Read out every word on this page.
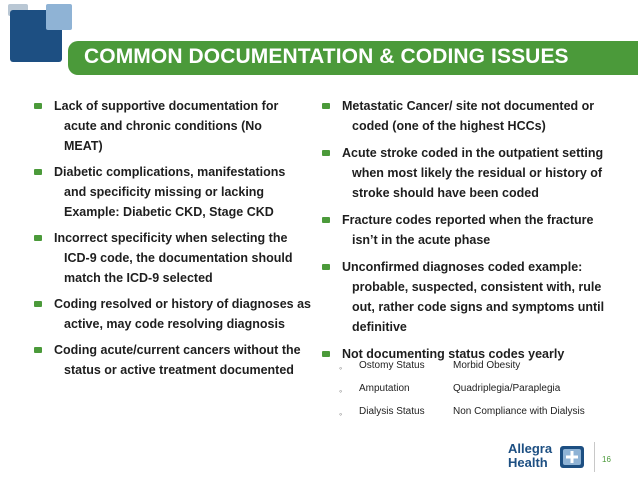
COMMON DOCUMENTATION & CODING ISSUES
Lack of supportive documentation for
acute and chronic conditions (No
MEAT)
Diabetic complications, manifestations
and specificity missing or lacking
Example: Diabetic CKD, Stage CKD
Incorrect specificity when selecting the
ICD-9 code, the documentation should
match the ICD-9 selected
Coding resolved or history of diagnoses as
active, may code resolving diagnosis
Coding acute/current cancers without the
status or active treatment documented
Metastatic Cancer/ site not documented or
coded (one of the highest HCCs)
Acute stroke coded in the outpatient setting
when most likely the residual or history of
stroke should have been coded
Fracture codes reported when the fracture
isn’t in the acute phase
Unconfirmed diagnoses coded example:
probable, suspected, consistent with, rule
out, rather code signs and symptoms until
definitive
Not documenting status codes yearly
◦ Ostomy Status	Morbid Obesity
◦ Amputation	Quadriplegia/Paraplegia
◦ Dialysis Status	Non Compliance with Dialysis
Allegra
Health	16
